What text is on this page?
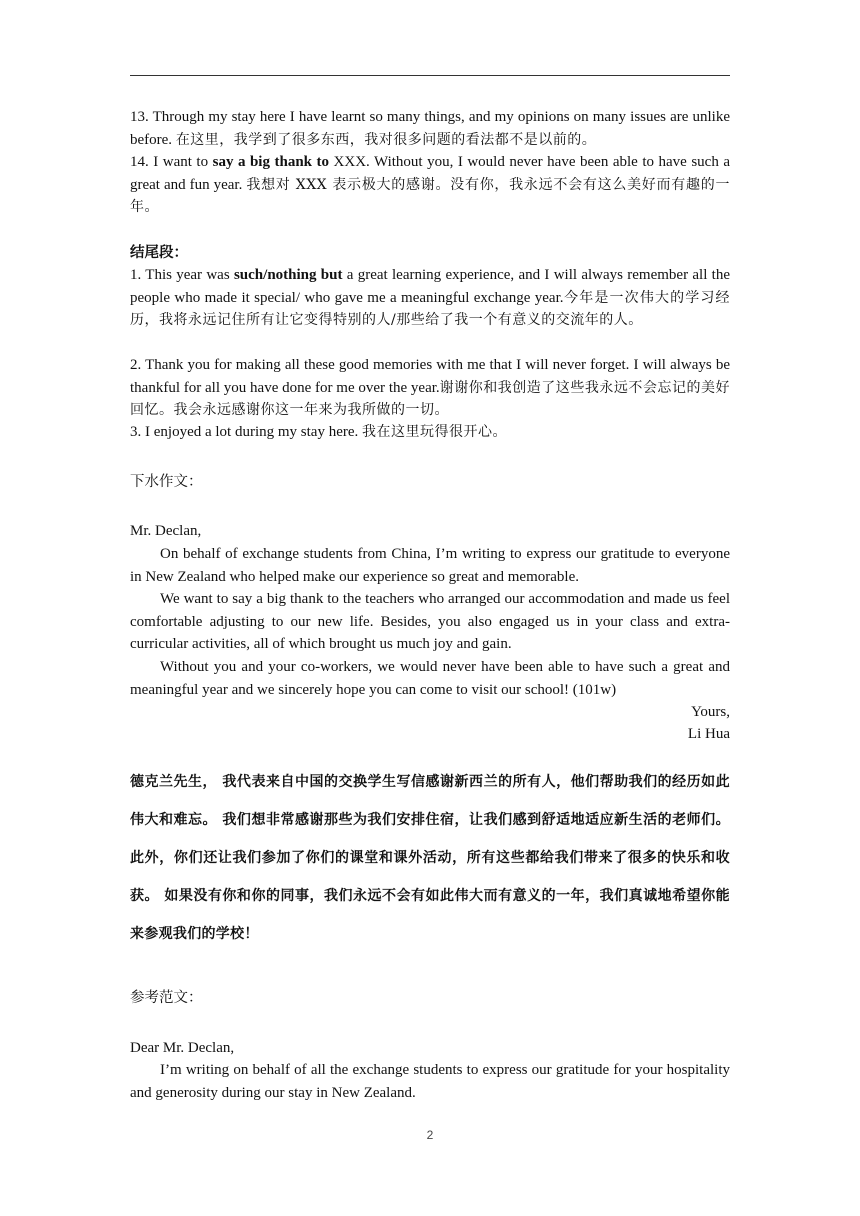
13. Through my stay here I have learnt so many things, and my opinions on many issues are unlike before. 在这里，我学到了很多东西，我对很多问题的看法都不是以前的。

14. I want to say a big thank to XXX. Without you, I would never have been able to have such a great and fun year. 我想对 XXX 表示极大的感谢。没有你，我永远不会有这么美好而有趣的一年。

结尾段：

1. This year was such/nothing but a great learning experience, and I will always remember all the people who made it special/ who gave me a meaningful exchange year.今年是一次伟大的学习经历，我将永远记住所有让它变得特别的人/那些给了我一个有意义的交流年的人。

2. Thank you for making all these good memories with me that I will never forget. I will always be thankful for all you have done for me over the year.谢谢你和我创造了这些我永远不会忘记的美好回忆。我会永远感谢你这一年来为我所做的一切。

3. I enjoyed a lot during my stay here. 我在这里玩得很开心。

下水作文：

Mr. Declan,

On behalf of exchange students from China, I’m writing to express our gratitude to everyone in New Zealand who helped make our experience so great and memorable.

We want to say a big thank to the teachers who arranged our accommodation and made us feel comfortable adjusting to our new life. Besides, you also engaged us in your class and extra-curricular activities, all of which brought us much joy and gain.

Without you and your co-workers, we would never have been able to have such a great and meaningful year and we sincerely hope you can come to visit our school! (101w)

Yours,

Li Hua

德克兰先生， 我代表来自中国的交换学生写信感谢新西兰的所有人，他们帮助我们的经历如此伟大和难忘。 我们想非常感谢那些为我们安排住宿，让我们感到舒适地适应新生活的老师们。此外，你们还让我们参加了你们的课堂和课外活动，所有这些都给我们带来了很多的快乐和收获。 如果没有你和你的同事，我们永远不会有如此伟大而有意义的一年，我们真诚地希望你能来参观我们的学校！

参考范文：

Dear Mr. Declan,

I’m writing on behalf of all the exchange students to express our gratitude for your hospitality and generosity during our stay in New Zealand.

2
